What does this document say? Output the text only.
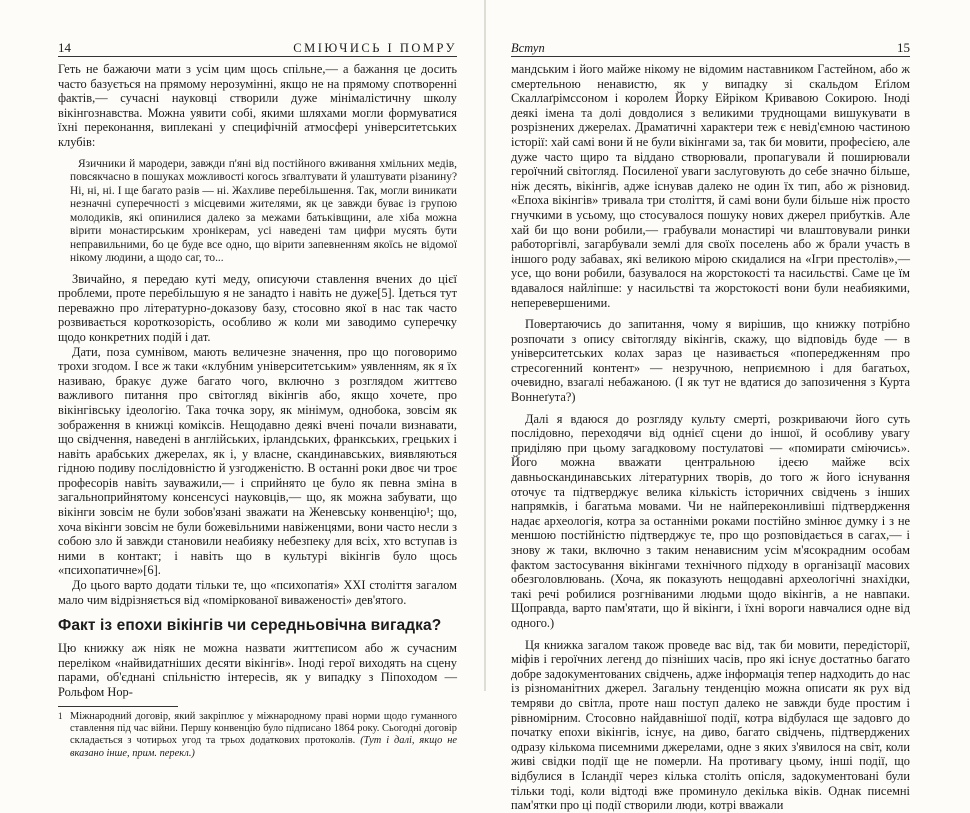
14	СМІЮЧИСЬ І ПОМРУ

Геть не бажаючи мати з усім цим щось спільне,— а бажання це досить часто базується на прямому нерозумінні, якщо не на прямому спотворенні фактів,— сучасні науковці створили дуже мінімалістичну школу вікінгознавства. Можна уявити собі, якими шляхами могли формуватися їхні переконання, виплекані у специфічній атмосфері університетських клубів:

Язичники й мародери, завжди п'яні від постійного вживання хмільних медів, повсякчасно в пошуках можливості когось зґвалтувати й улаштувати різанину? Ні, ні, ні. І ще багато разів — ні. Жахливе перебільшення. Так, могли виникати незначні суперечності з місцевими жителями, як це завжди буває із групою молодиків, які опинилися далеко за межами батьківщини, але хіба можна вірити монастирським хронікерам, усі наведені там цифри мусять бути неправильними, бо це буде все одно, що вірити запевненням якоїсь не відомої нікому людини, а щодо саг, то...

Звичайно, я передаю куті меду, описуючи ставлення вчених до цієї проблеми, проте перебільшую я не занадто і навіть не дуже[5]. Ідеться тут переважно про літературно-доказову базу, стосовно якої в нас так часто розвивається короткозорість, особливо ж коли ми заводимо суперечку щодо конкретних подій і дат.

Дати, поза сумнівом, мають величезне значення, про що поговоримо трохи згодом. І все ж таки «клубним університетським» уявленням, як я їх називаю, бракує дуже багато чого, включно з розглядом життєво важливого питання про світогляд вікінгів або, якщо хочете, про вікінгівську ідеологію. Така точка зору, як мінімум, однобока, зовсім як зображення в книжці коміксів. Нещодавно деякі вчені почали визнавати, що свідчення, наведені в англійських, ірландських, франкських, грецьких і навіть арабських джерелах, як і, у власне, скандинавських, виявляються гідною подиву послідовністю й узгодженістю. В останні роки двоє чи троє професорів навіть зауважили,— і сприйнято це було як певна зміна в загальноприйнятому консенсусі науковців,— що, як можна забувати, що вікінги зовсім не були зобов'язані зважати на Женевську конвенцію¹; що, хоча вікінги зовсім не були божевільними навіженцями, вони часто несли з собою зло й завжди становили неабияку небезпеку для всіх, хто вступав із ними в контакт; і навіть що в культурі вікінгів було щось «психопатичне»[6].

До цього варто додати тільки те, що «психопатія» XXI століття загалом мало чим відрізняється від «поміркованої виваженості» дев'ятого.

Факт із епохи вікінгів чи середньовічна вигадка?

Цю книжку аж ніяк не можна назвати життєписом або ж сучасним переліком «найвидатніших десяти вікінгів». Іноді герої виходять на сцену парами, об'єднані спільністю інтересів, як у випадку з Піпоходом — Рольфом Нор-

1 Міжнародний договір, який закріплює у міжнародному праві норми щодо гуманного ставлення під час війни. Першу конвенцію було підписано 1864 року. Сьогодні договір складається з чотирьох угод та трьох додаткових протоколів. (Тут і далі, якщо не вказано інше, прим. перекл.)

Вступ	15

мандським і його майже нікому не відомим наставником Гастейном, або ж смертельною ненавистю, як у випадку зі скальдом Еґілом Скаллаґрімссоном і королем Йорку Ейріком Кривавою Сокирою. Іноді деякі імена та долі довдолися з великими труднощами вишукувати в розрізнених джерелах. Драматичні характери теж є невід'ємною частиною історії: хай самі вони й не були вікінгами за, так би мовити, професією, але дуже часто щиро та віддано створювали, пропагували й поширювали героїчний світогляд. Посиленої уваги заслуговують до себе значно більше, ніж десять, вікінгів, адже існував далеко не один їх тип, або ж різновид. «Епоха вікінгів» тривала три століття, й самі вони були більше ніж просто гнучкими в усьому, що стосувалося пошуку нових джерел прибутків. Але хай би що вони робили,— грабували монастирі чи влаштовували ринки работоргівлі, загарбували землі для своїх поселень або ж брали участь в іншого роду забавах, які великою мірою скидалися на «Ігри престолів»,— усе, що вони робили, базувалося на жорстокості та насильстві. Саме це їм вдавалося найліпше: у насильстві та жорстокості вони були неабиякими, неперевершеними.

Повертаючись до запитання, чому я вирішив, що книжку потрібно розпочати з опису світогляду вікінгів, скажу, що відповідь буде — в університетських колах зараз це називається «попередженням про стресогенний контент» — незручною, неприємною і для багатьох, очевидно, взагалі небажаною. (І як тут не вдатися до запозичення з Курта Воннеґута?)

Далі я вдаюся до розгляду культу смерті, розкриваючи його суть послідовно, переходячи від однієї сцени до іншої, й особливу увагу приділяю при цьому загадковому постулатові — «помирати сміючись». Його можна вважати центральною ідеєю майже всіх давньоскандинавських літературних творів, до того ж його існування оточує та підтверджує велика кількість історичних свідчень з інших напрямків, і багатьма мовами. Чи не найпереконливіші підтвердження надає археологія, котра за останніми роками постійно змінює думку і з не меншою постійністю підтверджує те, про що розповідається в сагах,— і знову ж таки, включно з таким ненависним усім м'ясокрадним особам фактом застосування вікінгами технічного підходу в організації масових обезголовлювань. (Хоча, як показують нещодавні археологічні знахідки, такі речі робилися розгніваними людьми щодо вікінгів, а не навпаки. Щоправда, варто пам'ятати, що й вікінги, і їхні вороги навчалися одне від одного.)

Ця книжка загалом також проведе вас від, так би мовити, передісторії, міфів і героїчних легенд до пізніших часів, про які існує достатньо багато добре задокументованих свідчень, адже інформація тепер надходить до нас із різноманітних джерел. Загальну тенденцію можна описати як рух від темряви до світла, проте наш поступ далеко не завжди буде простим і рівномірним. Стосовно найдавнішої події, котра відбулася ще задовго до початку епохи вікінгів, існує, на диво, багато свідчень, підтверджених одразу кількома писемними джерелами, одне з яких з'явилося на світ, коли живі свідки події ще не померли. На противагу цьому, інші події, що відбулися в Ісландії через кілька століть опісля, задокументовані були тільки тоді, коли відтоді вже проминуло декілька віків. Однак писемні пам'ятки про ці події створили люди, котрі вважали
